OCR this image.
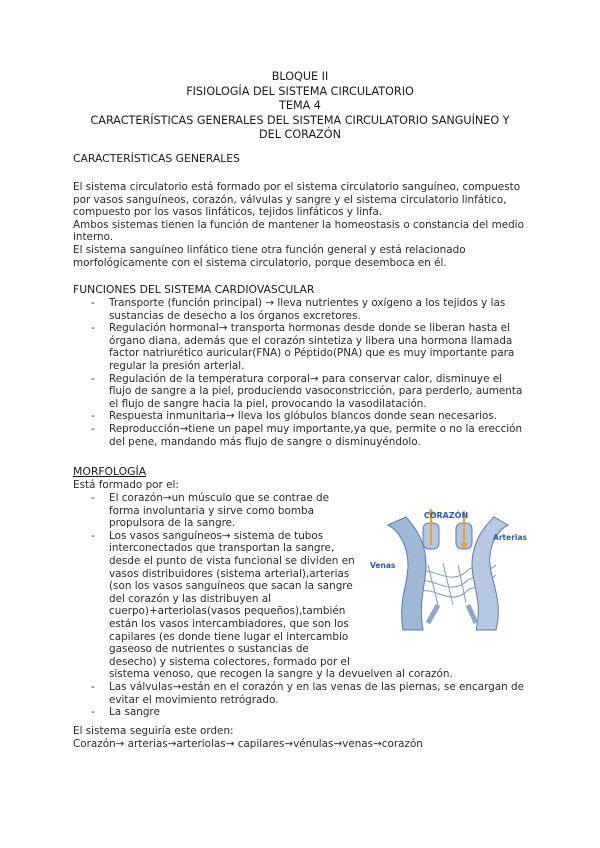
BLOQUE II
FISIOLOGÍA DEL SISTEMA CIRCULATORIO
TEMA 4
CARACTERÍSTICAS GENERALES DEL SISTEMA CIRCULATORIO SANGUÍNEO Y
DEL CORAZÓN
CARACTERÍSTICAS GENERALES
El sistema circulatorio está formado por el sistema circulatorio sanguíneo, compuesto
por vasos sanguíneos, corazón, válvulas y sangre y el sistema circulatorio linfático,
compuesto por los vasos linfáticos, tejidos linfáticos y linfa.
Ambos sistemas tienen la función de mantener la homeostasis o constancia del medio
interno.
El sistema sanguíneo linfático tiene otra función general y está relacionado
morfológicamente con el sistema circulatorio, porque desemboca en él.
FUNCIONES DEL SISTEMA CARDIOVASCULAR
- Transporte (función principal) → lleva nutrientes y oxígeno a los tejidos y las
sustancias de desecho a los órganos excretores.
- Regulación hormonal→ transporta hormonas desde donde se liberan hasta el
órgano diana, además que el corazón sintetiza y libera una hormona llamada
factor natriurético auricular(FNA) o Péptido(PNA) que es muy importante para
regular la presión arterial.
- Regulación de la temperatura corporal→ para conservar calor, disminuye el
flujo de sangre a la piel, produciendo vasoconstricción, para perderlo, aumenta
el flujo de sangre hacia la piel, provocando la vasodilatación.
- Respuesta inmunitaria→ lleva los glóbulos blancos donde sean necesarios.
- Reproducción→tiene un papel muy importante,ya que, permite o no la erección
del pene, mandando más flujo de sangre o disminuyéndolo.
MORFOLOGÍA
Está formado por el:
- El corazón→un músculo que se contrae de
forma involuntaria y sirve como bomba
propulsora de la sangre.
- Los vasos sanguíneos→ sistema de tubos
interconectados que transportan la sangre,
desde el punto de vista funcional se dividen en
vasos distribuidores (sistema arterial),arterias
(son los vasos sanguíneos que sacan la sangre
del corazón y las distribuyen al
cuerpo)+arteriolas(vasos pequeños),también
están los vasos intercambiadores, que son los
capilares (es donde tiene lugar el intercambio
gaseoso de nutrientes o sustancias de
desecho) y sistema colectores, formado por el
sistema venoso, que recogen la sangre y la devuelven al corazón.
- Las válvulas→están en el corazón y en las venas de las piernas, se encargan de
evitar el movimiento retrógrado.
- La sangre
El sistema seguiría este orden:
Corazón→ arterias→arteriolas→ capilares→vénulas→venas→corazón
CORAZÓN
Arterias
Venas
